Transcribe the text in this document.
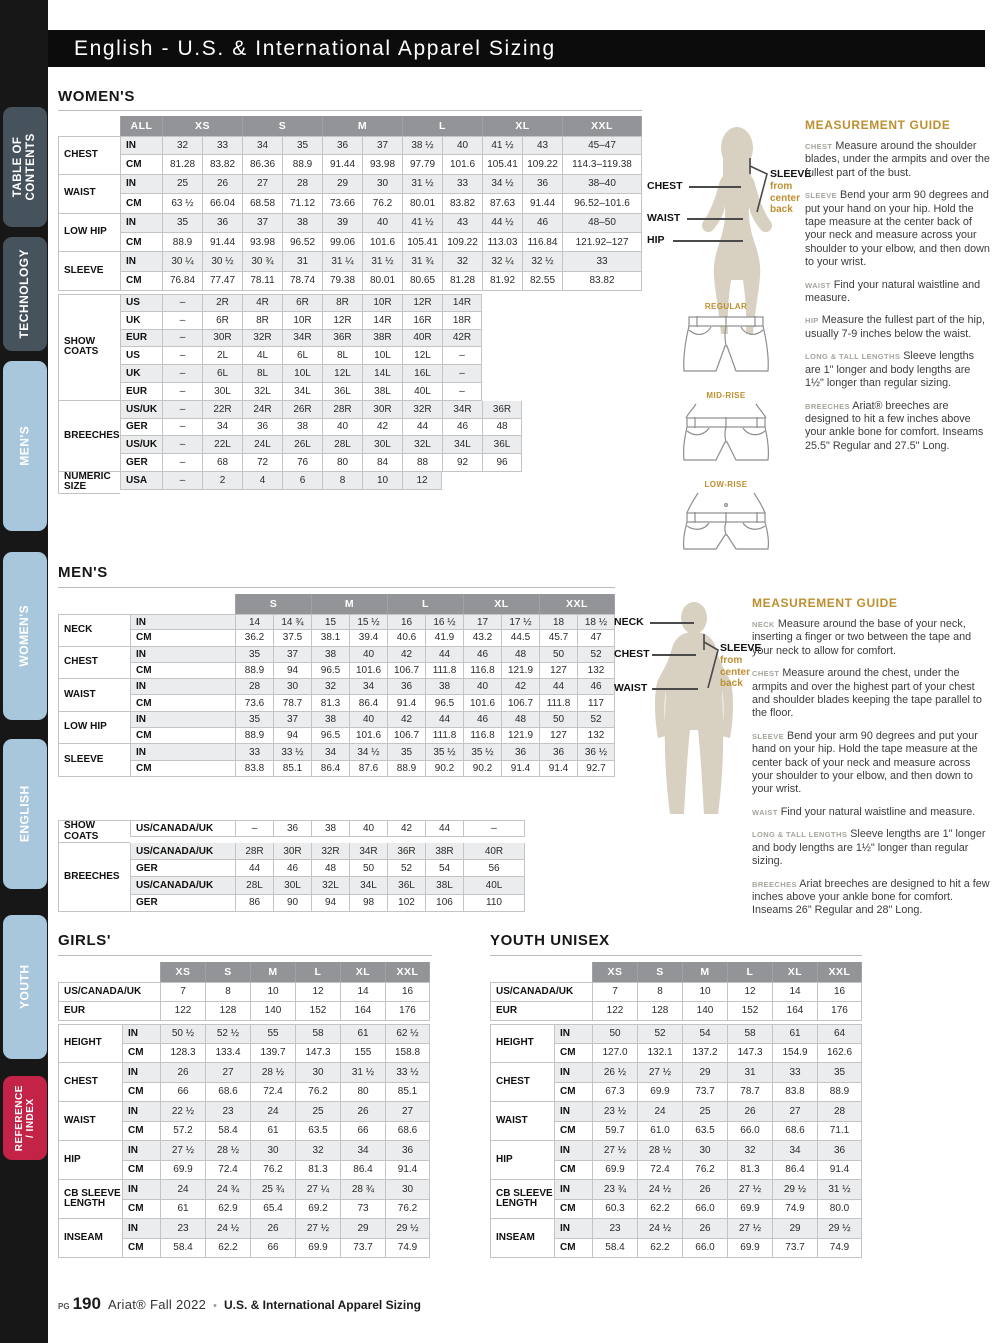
TABLE OF CONTENTS
TECHNOLOGY
MEN'S
WOMEN'S
ENGLISH
YOUTH
REFERENCE / INDEX
English - U.S. & International Apparel Sizing
WOMEN'S
ALL	XS	S	M	L	XL	XXL
CHEST
IN	32	33	34	35	36	37	38 ½	40	41 ½	43	45–47
CM	81.28	83.82	86.36	88.9	91.44	93.98	97.79	101.6	105.41 109.22	114.3–119.38
WAIST
IN	25	26	27	28	29	30	31 ½	33	34 ½	36	38–40
CM	63 ½	66.04	68.58	71.12	73.66	76.2	80.01	83.82	87.63	91.44	96.52–101.6
LOW HIP
IN	35	36	37	38	39	40	41 ½	43	44 ½	46	48–50
CM	88.9	91.44	93.98	96.52	99.06	101.6	105.41 109.22 113.03	116.84	121.92–127
SLEEVE
IN	30 ¼	30 ½	30 ¾	31	31 ¼	31 ½	31 ¾	32	32 ¼	32 ½	33
CM	76.84	77.47	78.11	78.74	79.38	80.01	80.65	81.28	81.92	82.55	83.82
SHOW COATS
US	–	2R	4R	6R	8R	10R	12R	14R
UK	–	6R	8R	10R	12R	14R	16R	18R
EUR	–	30R	32R	34R	36R	38R	40R	42R
US	–	2L	4L	6L	8L	10L	12L	–
UK	–	6L	8L	10L	12L	14L	16L	–
EUR	–	30L	32L	34L	36L	38L	40L	–
BREECHES
US/UK	–	22R	24R	26R	28R	30R	32R	34R	36R
GER	–	34	36	38	40	42	44	46	48
US/UK	–	22L	24L	26L	28L	30L	32L	34L	36L
GER	–	68	72	76	80	84	88	92	96
NUMERIC SIZE
USA	–	2	4	6	8	10	12
CHEST
WAIST
HIP
SLEEVE
from center back
REGULAR
MID-RISE
LOW-RISE
MEASUREMENT GUIDE

CHEST Measure around the shoulder blades, under the armpits and over the fullest part of the bust.

SLEEVE Bend your arm 90 degrees and put your hand on your hip. Hold the tape measure at the center back of your neck and measure across your shoulder to your elbow, and then down to your wrist.

WAIST Find your natural waistline and measure.

HIP Measure the fullest part of the hip, usually 7-9 inches below the waist.

LONG & TALL LENGTHS Sleeve lengths are 1" longer and body lengths are 1½" longer than regular sizing.

BREECHES Ariat® breeches are designed to hit a few inches above your ankle bone for comfort. Inseams 25.5" Regular and 27.5" Long.

MEN'S
S	M	L	XL	XXL
NECK
IN	14	14 ¾	15	15 ½	16	16 ½	17	17 ½	18	18 ½
CM	36.2	37.5	38.1	39.4	40.6	41.9	43.2	44.5	45.7	47
CHEST
IN	35	37	38	40	42	44	46	48	50	52
CM	88.9	94	96.5	101.6	106.7	111.8	116.8	121.9	127	132
WAIST
IN	28	30	32	34	36	38	40	42	44	46
CM	73.6	78.7	81.3	86.4	91.4	96.5	101.6	106.7	111.8	117
LOW HIP
IN	35	37	38	40	42	44	46	48	50	52
CM	88.9	94	96.5	101.6	106.7	111.8	116.8	121.9	127	132
SLEEVE
IN	33	33 ½	34	34 ½	35	35 ½	35 ½	36	36	36 ½
CM	83.8	85.1	86.4	87.6	88.9	90.2	90.2	91.4	91.4	92.7
SHOW COATS
US/CANADA/UK	–	36	38	40	42	44	–
BREECHES
US/CANADA/UK	28R	30R	32R	34R	36R	38R	40R
GER	44	46	48	50	52	54	56
US/CANADA/UK	28L	30L	32L	34L	36L	38L	40L
GER	86	90	94	98	102	106	110
NECK
CHEST
WAIST
SLEEVE
from center back
MEASUREMENT GUIDE

NECK Measure around the base of your neck, inserting a finger or two between the tape and your neck to allow for comfort.

CHEST Measure around the chest, under the armpits and over the highest part of your chest and shoulder blades keeping the tape parallel to the floor.

SLEEVE Bend your arm 90 degrees and put your hand on your hip. Hold the tape measure at the center back of your neck and measure across your shoulder to your elbow, and then down to your wrist.

WAIST Find your natural waistline and measure.

LONG & TALL LENGTHS Sleeve lengths are 1" longer and body lengths are 1½" longer than regular sizing.

BREECHES Ariat breeches are designed to hit a few inches above your ankle bone for comfort. Inseams 26" Regular and 28" Long.

GIRLS'
XS	S	M	L	XL	XXL
US/CANADA/UK	7	8	10	12	14	16
EUR	122	128	140	152	164	176
HEIGHT
IN	50 ½	52 ½	55	58	61	62 ½
CM	128.3	133.4	139.7	147.3	155	158.8
CHEST
IN	26	27	28 ½	30	31 ½	33 ½
CM	66	68.6	72.4	76.2	80	85.1
WAIST
IN	22 ½	23	24	25	26	27
CM	57.2	58.4	61	63.5	66	68.6
HIP
IN	27 ½	28 ½	30	32	34	36
CM	69.9	72.4	76.2	81.3	86.4	91.4
CB SLEEVE LENGTH
IN	24	24 ¾	25 ¾	27 ¼	28 ¾	30
CM	61	62.9	65.4	69.2	73	76.2
INSEAM
IN	23	24 ½	26	27 ½	29	29 ½
CM	58.4	62.2	66	69.9	73.7	74.9
YOUTH UNISEX
XS	S	M	L	XL	XXL
US/CANADA/UK	7	8	10	12	14	16
EUR	122	128	140	152	164	176
HEIGHT
IN	50	52	54	58	61	64
CM	127.0	132.1	137.2	147.3	154.9	162.6
CHEST
IN	26 ½	27 ½	29	31	33	35
CM	67.3	69.9	73.7	78.7	83.8	88.9
WAIST
IN	23 ½	24	25	26	27	28
CM	59.7	61.0	63.5	66.0	68.6	71.1
HIP
IN	27 ½	28 ½	30	32	34	36
CM	69.9	72.4	76.2	81.3	86.4	91.4
CB SLEEVE LENGTH
IN	23 ¾	24 ½	26	27 ½	29 ½	31 ½
CM	60.3	62.2	66.0	69.9	74.9	80.0
INSEAM
IN	23	24 ½	26	27 ½	29	29 ½
CM	58.4	62.2	66.0	69.9	73.7	74.9
PG 190 Ariat® Fall 2022 • U.S. & International Apparel Sizing
